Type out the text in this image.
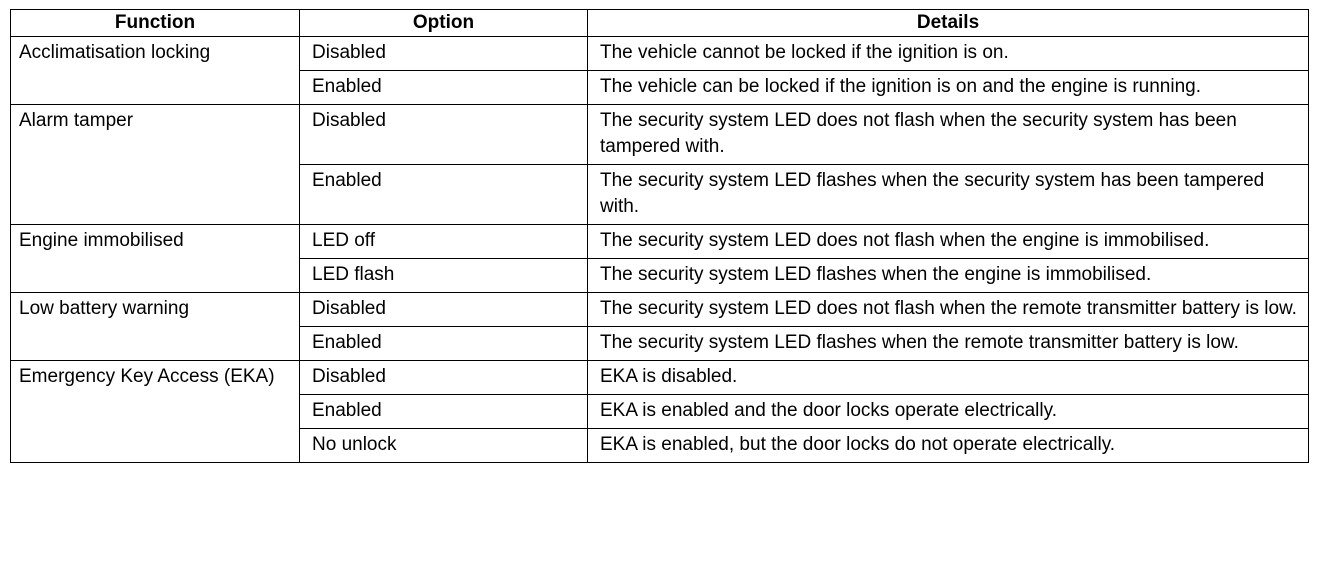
Function	Option	Details
Acclimatisation locking	Disabled	The vehicle cannot be locked if the ignition is on.
	Enabled	The vehicle can be locked if the ignition is on and the engine is running.
Alarm tamper	Disabled	The security system LED does not flash when the security system has been tampered with.
	Enabled	The security system LED flashes when the security system has been tampered with.
Engine immobilised	LED off	The security system LED does not flash when the engine is immobilised.
	LED flash	The security system LED flashes when the engine is immobilised.
Low battery warning	Disabled	The security system LED does not flash when the remote transmitter battery is low.
	Enabled	The security system LED flashes when the remote transmitter battery is low.
Emergency Key Access (EKA)	Disabled	EKA is disabled.
	Enabled	EKA is enabled and the door locks operate electrically.
	No unlock	EKA is enabled, but the door locks do not operate electrically.
